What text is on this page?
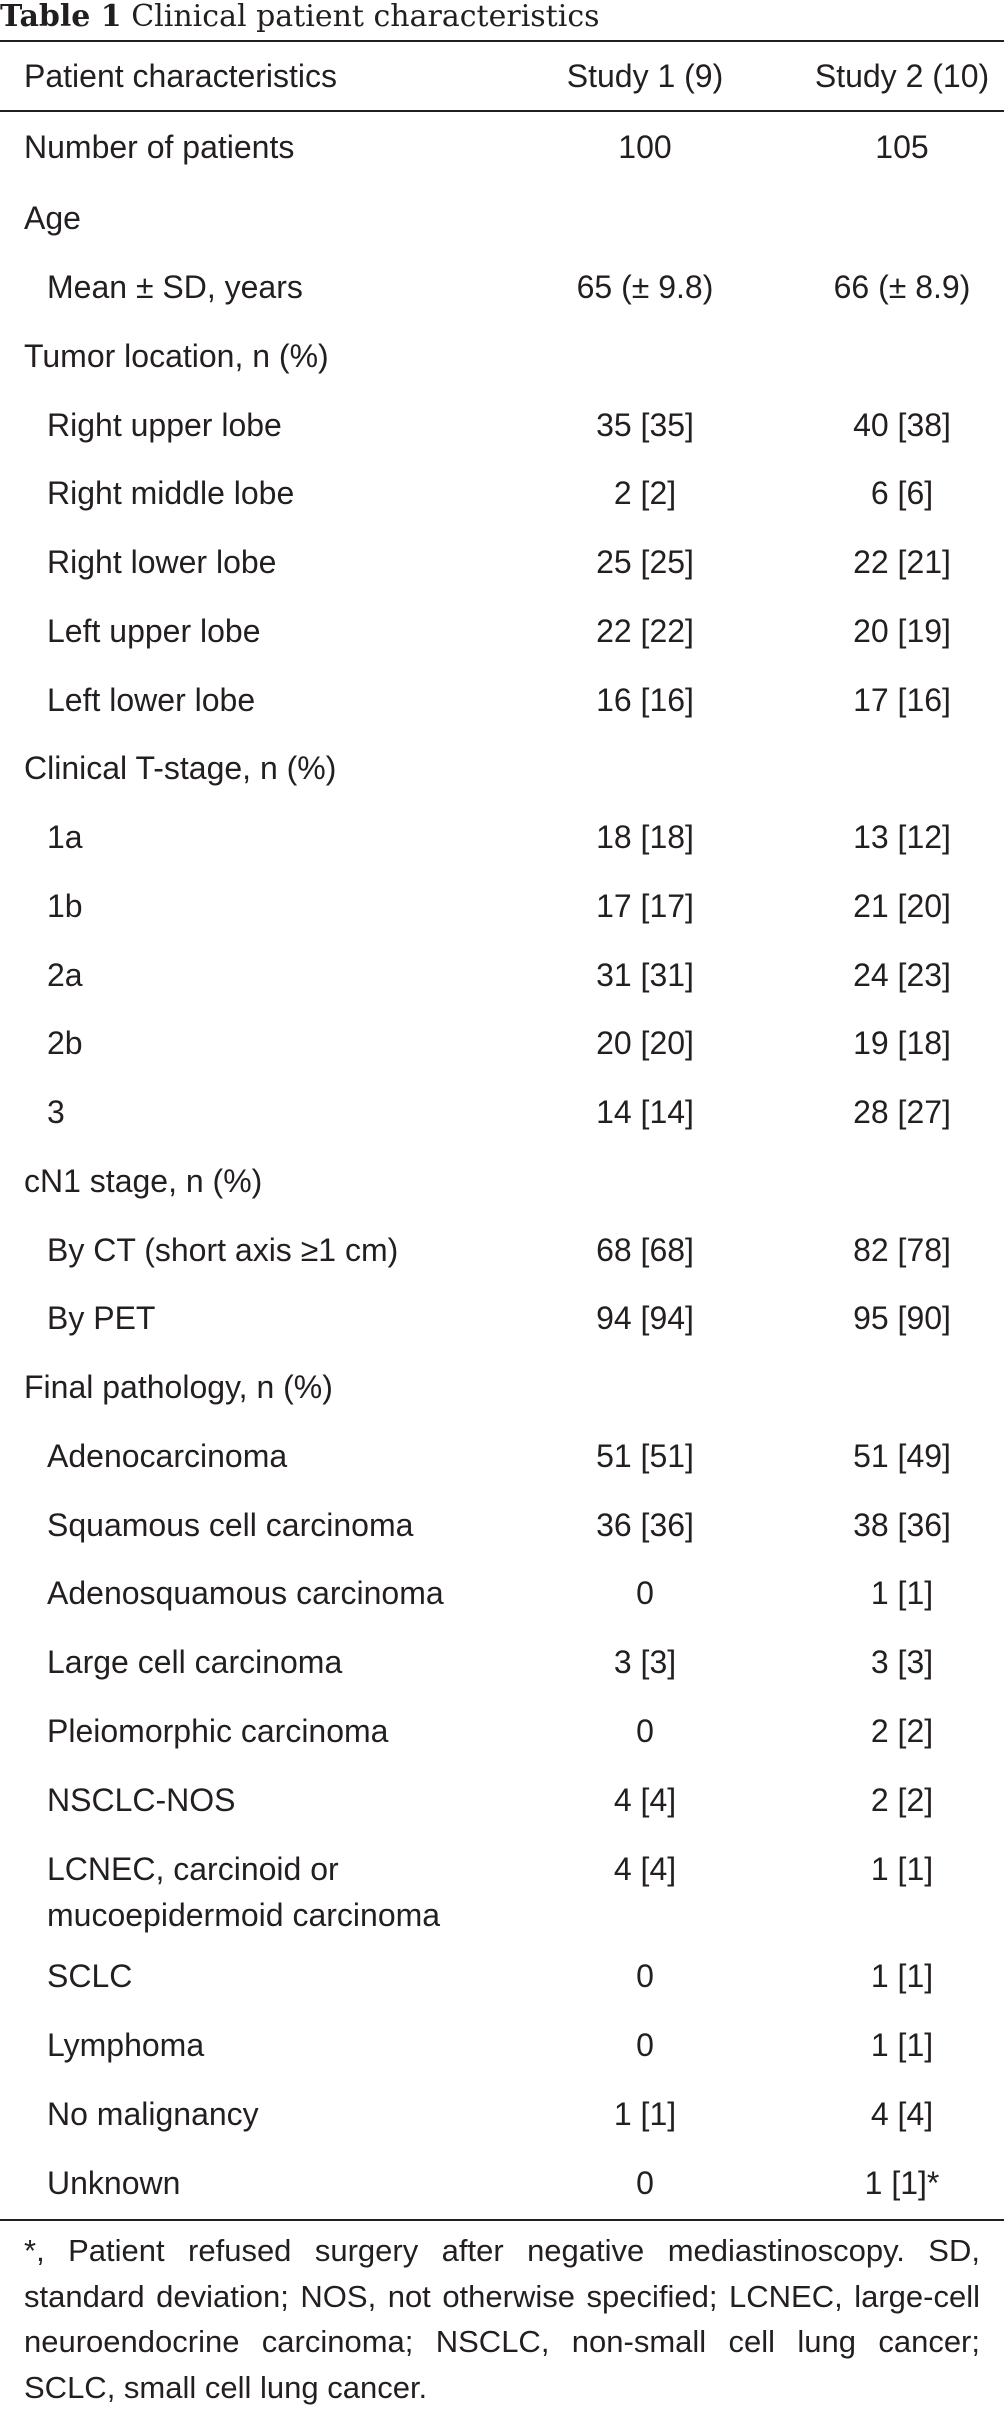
Table 1 Clinical patient characteristics
Patient characteristics	Study 1 (9)	Study 2 (10)
Number of patients	100	105
Age		
Mean ± SD, years	65 (± 9.8)	66 (± 8.9)
Tumor location, n (%)		
Right upper lobe	35 [35]	40 [38]
Right middle lobe	2 [2]	6 [6]
Right lower lobe	25 [25]	22 [21]
Left upper lobe	22 [22]	20 [19]
Left lower lobe	16 [16]	17 [16]
Clinical T-stage, n (%)		
1a	18 [18]	13 [12]
1b	17 [17]	21 [20]
2a	31 [31]	24 [23]
2b	20 [20]	19 [18]
3	14 [14]	28 [27]
cN1 stage, n (%)		
By CT (short axis ≥1 cm)	68 [68]	82 [78]
By PET	94 [94]	95 [90]
Final pathology, n (%)		
Adenocarcinoma	51 [51]	51 [49]
Squamous cell carcinoma	36 [36]	38 [36]
Adenosquamous carcinoma	0	1 [1]
Large cell carcinoma	3 [3]	3 [3]
Pleiomorphic carcinoma	0	2 [2]
NSCLC-NOS	4 [4]	2 [2]

LCNEC, carcinoid or
mucoepidermoid carcinoma	4 [4]	1 [1]
SCLC	0	1 [1]
Lymphoma	0	1 [1]
No malignancy	1 [1]	4 [4]
Unknown	0	1 [1]*
*, Patient refused surgery after negative mediastinoscopy. SD, standard deviation; NOS, not otherwise specified; LCNEC, large-cell neuroendocrine carcinoma; NSCLC, non-small cell lung cancer; SCLC, small cell lung cancer.
